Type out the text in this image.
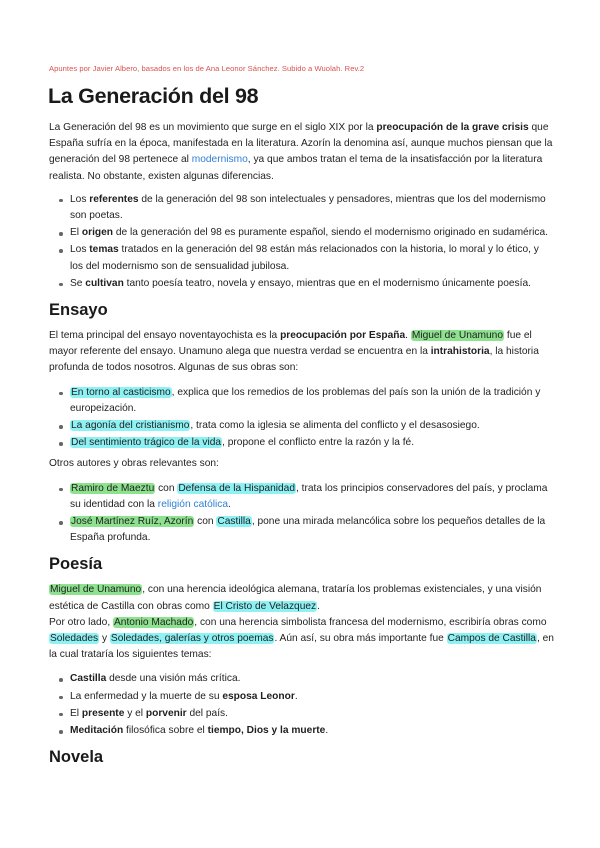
Apuntes por Javier Albero, basados en los de Ana Leonor Sánchez. Subido a Wuolah. Rev.2
La Generación del 98

La Generación del 98 es un movimiento que surge en el siglo XIX por la preocupación de la grave crisis que España sufría en la época, manifestada en la literatura. Azorín la denomina así, aunque muchos piensan que la generación del 98 pertenece al modernismo, ya que ambos tratan el tema de la insatisfacción por la literatura realista. No obstante, existen algunas diferencias.

Los referentes de la generación del 98 son intelectuales y pensadores, mientras que los del modernismo son poetas.
El origen de la generación del 98 es puramente español, siendo el modernismo originado en sudamérica.
Los temas tratados en la generación del 98 están más relacionados con la historia, lo moral y lo ético, y los del modernismo son de sensualidad jubilosa.
Se cultivan tanto poesía teatro, novela y ensayo, mientras que en el modernismo únicamente poesía.
Ensayo

El tema principal del ensayo noventayochista es la preocupación por España. Miguel de Unamuno fue el mayor referente del ensayo. Unamuno alega que nuestra verdad se encuentra en la intrahistoria, la historia profunda de todos nosotros. Algunas de sus obras son:

En torno al casticismo, explica que los remedios de los problemas del país son la unión de la tradición y europeización.
La agonía del cristianismo, trata como la iglesia se alimenta del conflicto y el desasosiego.
Del sentimiento trágico de la vida, propone el conflicto entre la razón y la fé.

Otros autores y obras relevantes son:

Ramiro de Maeztu con Defensa de la Hispanidad, trata los principios conservadores del país, y proclama su identidad con la religión católica.
José Martínez Ruíz, Azorín con Castilla, pone una mirada melancólica sobre los pequeños detalles de la España profunda.
Poesía

Miguel de Unamuno, con una herencia ideológica alemana, trataría los problemas existenciales, y una visión estética de Castilla con obras como El Cristo de Velazquez.

Por otro lado, Antonio Machado, con una herencia simbolista francesa del modernismo, escribiría obras como Soledades y Soledades, galerías y otros poemas. Aún así, su obra más importante fue Campos de Castilla, en la cual trataría los siguientes temas:

Castilla desde una visión más crítica.
La enfermedad y la muerte de su esposa Leonor.
El presente y el porvenir del país.
Meditación filosófica sobre el tiempo, Dios y la muerte.
Novela
